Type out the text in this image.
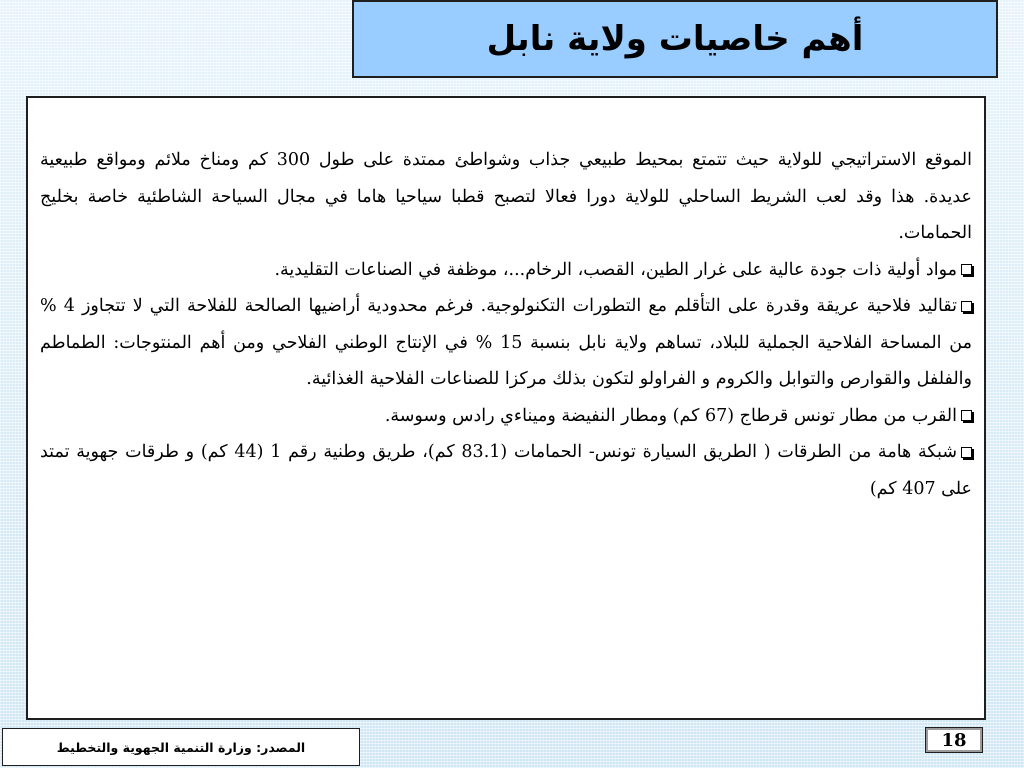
أهم خاصيات ولاية نابل

الموقع الاستراتيجي للولاية حيث تتمتع بمحيط طبيعي جذاب وشواطئ ممتدة على طول 300 كم ومناخ ملائم ومواقع طبيعية عديدة. هذا وقد لعب الشريط الساحلي للولاية دورا فعالا لتصبح قطبا سياحيا هاما في مجال السياحة الشاطئية خاصة بخليج الحمامات.

مواد أولية ذات جودة عالية على غرار الطين، القصب، الرخام...، موظفة في الصناعات التقليدية.

تقاليد فلاحية عريقة وقدرة على التأقلم مع التطورات التكنولوجية. فرغم محدودية أراضيها الصالحة للفلاحة التي لا تتجاوز 4 % من المساحة الفلاحية الجملية للبلاد، تساهم ولاية نابل بنسبة 15 % في الإنتاج الوطني الفلاحي ومن أهم المنتوجات: الطماطم والفلفل والقوارص والتوابل والكروم و الفراولو لتكون بذلك مركزا للصناعات الفلاحية الغذائية.

القرب من مطار تونس قرطاج (67 كم) ومطار النفيضة وميناءي رادس وسوسة.

شبكة هامة من الطرقات ( الطريق السيارة تونس- الحمامات (83.1 كم)، طريق وطنية رقم 1 (44 كم) و طرقات جهوية تمتد على 407 كم)

المصدر: وزارة التنمية الجهوية والتخطيط	18
